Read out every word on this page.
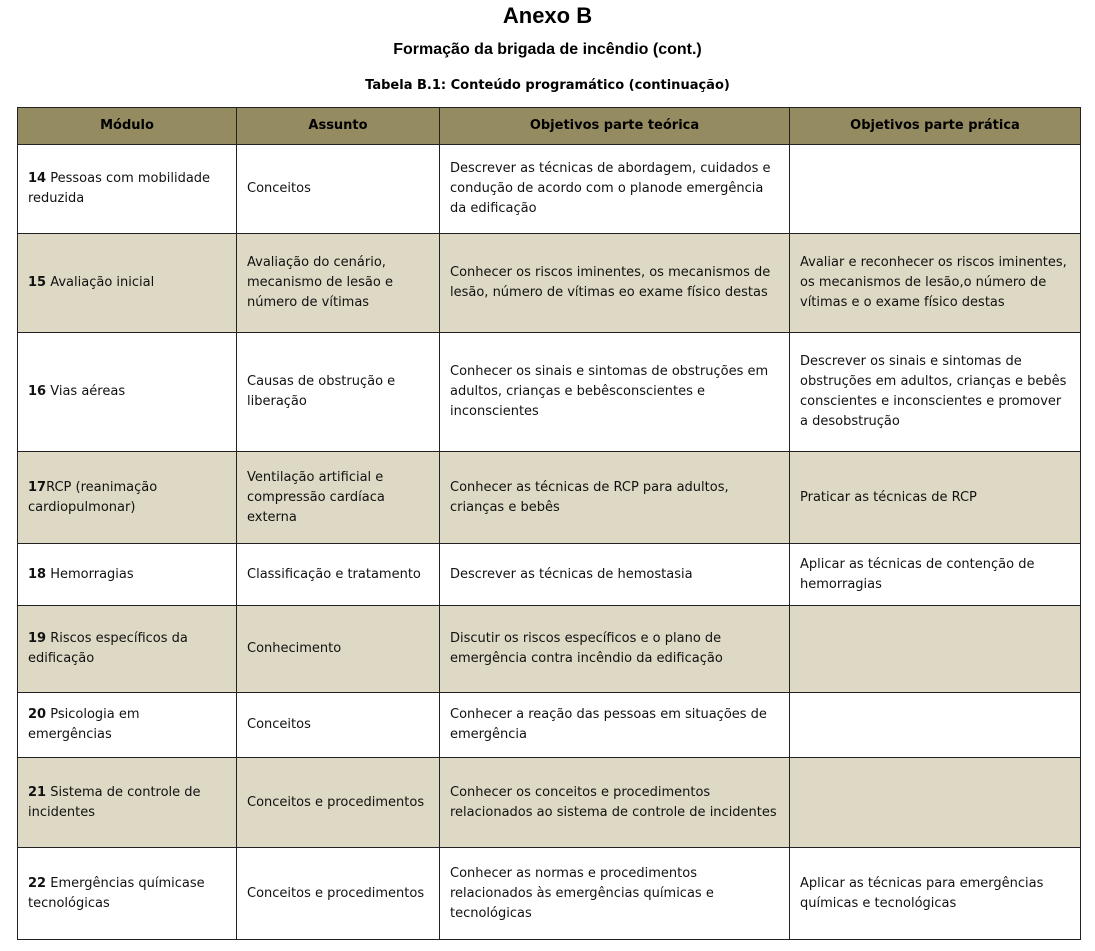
Anexo B
Formação da brigada de incêndio (cont.)
Tabela B.1: Conteúdo programático (continuação)
Módulo	Assunto	Objetivos parte teórica	Objetivos parte prática
14 Pessoas com mobilidade reduzida	Conceitos	Descrever as técnicas de abordagem, cuidados e condução de acordo com o planode emergência da edificação	
15 Avaliação inicial	Avaliação do cenário, mecanismo de lesão e número de vítimas	Conhecer os riscos iminentes, os mecanismos de lesão, número de vítimas eo exame físico destas	Avaliar e reconhecer os riscos iminentes, os mecanismos de lesão,o número de vítimas e o exame físico destas
16 Vias aéreas	Causas de obstrução e liberação	Conhecer os sinais e sintomas de obstruções em adultos, crianças e bebêsconscientes e inconscientes	Descrever os sinais e sintomas de obstruções em adultos, crianças e bebês conscientes e inconscientes e promover a desobstrução
17RCP (reanimação cardiopulmonar)	Ventilação artificial e compressão cardíaca externa	Conhecer as técnicas de RCP para adultos, crianças e bebês	Praticar as técnicas de RCP
18 Hemorragias	Classificação e tratamento	Descrever as técnicas de hemostasia	Aplicar as técnicas de contenção de hemorragias
19 Riscos específicos da edificação	Conhecimento	Discutir os riscos específicos e o plano de emergência contra incêndio da edificação	
20 Psicologia em emergências	Conceitos	Conhecer a reação das pessoas em situações de emergência	
21 Sistema de controle de incidentes	Conceitos e procedimentos	Conhecer os conceitos e procedimentos relacionados ao sistema de controle de incidentes	
22 Emergências químicase tecnológicas	Conceitos e procedimentos	Conhecer as normas e procedimentos relacionados às emergências químicas e tecnológicas	Aplicar as técnicas para emergências químicas e tecnológicas
